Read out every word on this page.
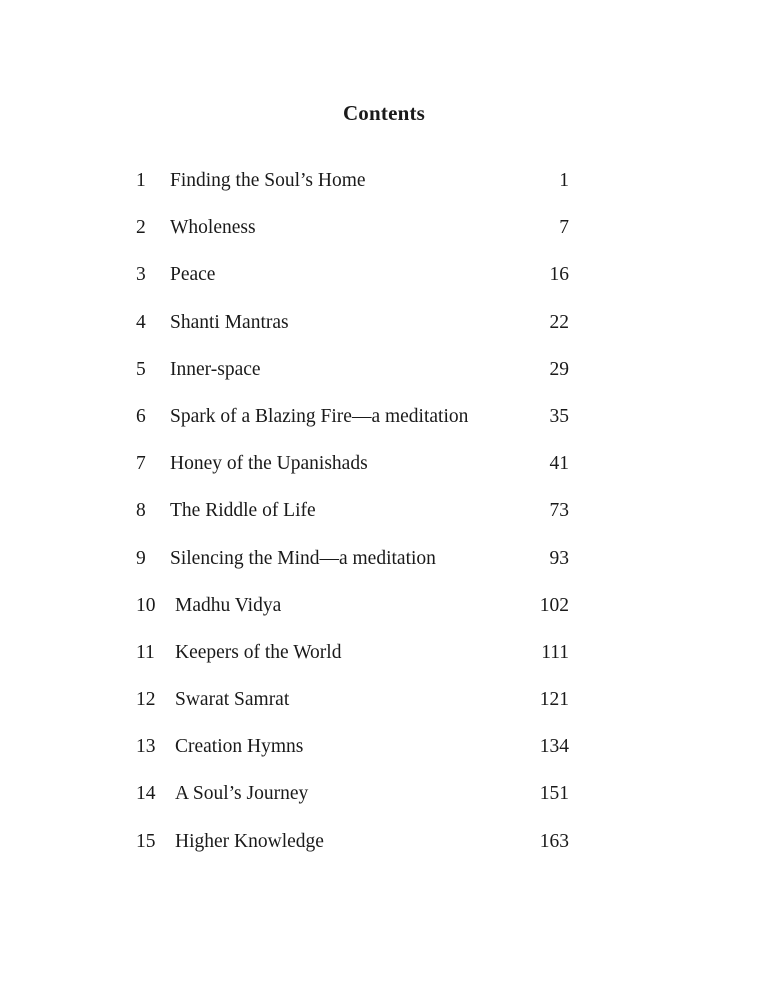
Contents
1 Finding the Soul’s Home	1
2 Wholeness	7
3 Peace	16
4 Shanti Mantras	22
5 Inner-space	29
6 Spark of a Blazing Fire—a meditation	35
7 Honey of the Upanishads	41
8 The Riddle of Life	73
9 Silencing the Mind—a meditation	93
10 Madhu Vidya	102
11 Keepers of the World	111
12 Swarat Samrat	121
13 Creation Hymns	134
14 A Soul’s Journey	151
15 Higher Knowledge	163
